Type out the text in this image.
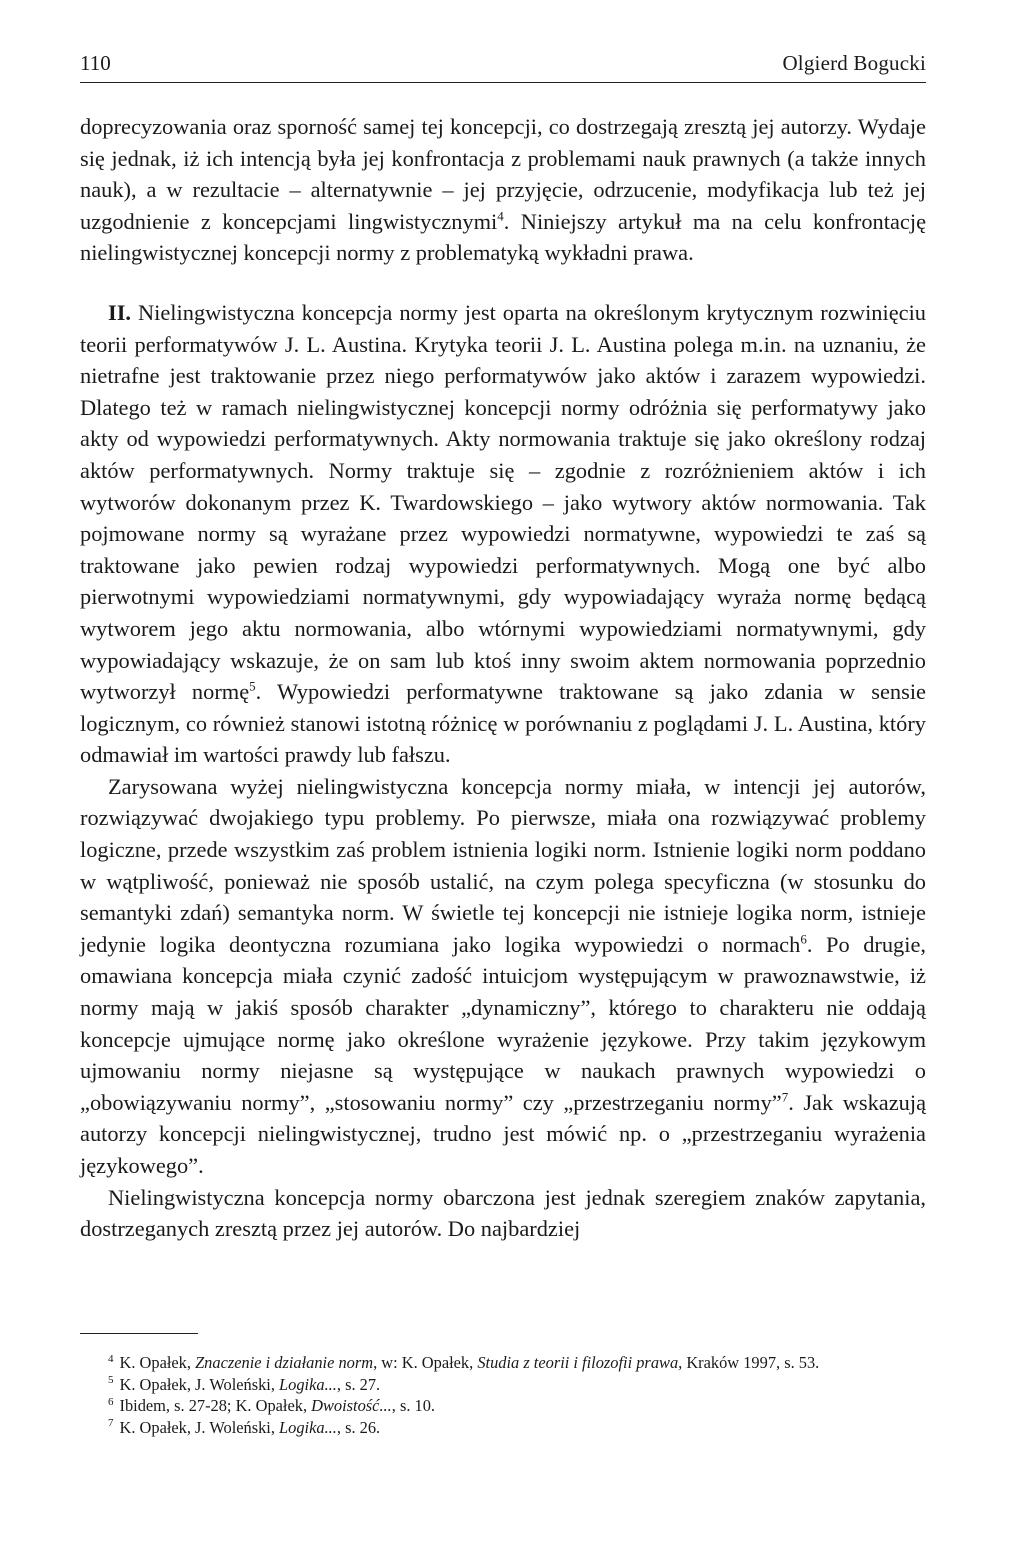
110	Olgierd Bogucki

doprecyzowania oraz sporność samej tej koncepcji, co dostrzegają zresztą jej autorzy. Wydaje się jednak, iż ich intencją była jej konfrontacja z problemami nauk prawnych (a także innych nauk), a w rezultacie – alternatywnie – jej przyjęcie, odrzucenie, modyfikacja lub też jej uzgodnienie z koncepcjami lingwistycznymi$^4$. Niniejszy artykuł ma na celu konfrontację nielingwistycznej koncepcji normy z problematyką wykładni prawa.

II. Nielingwistyczna koncepcja normy jest oparta na określonym krytycznym rozwinięciu teorii performatywów J. L. Austina. Krytyka teorii J. L. Austina polega m.in. na uznaniu, że nietrafne jest traktowanie przez niego performatywów jako aktów i zarazem wypowiedzi. Dlatego też w ramach nielingwistycznej koncepcji normy odróżnia się performatywy jako akty od wypowiedzi performatywnych. Akty normowania traktuje się jako określony rodzaj aktów performatywnych. Normy traktuje się – zgodnie z rozróżnieniem aktów i ich wytworów dokonanym przez K. Twardowskiego – jako wytwory aktów normowania. Tak pojmowane normy są wyrażane przez wypowiedzi normatywne, wypowiedzi te zaś są traktowane jako pewien rodzaj wypowiedzi performatywnych. Mogą one być albo pierwotnymi wypowiedziami normatywnymi, gdy wypowiadający wyraża normę będącą wytworem jego aktu normowania, albo wtórnymi wypowiedziami normatywnymi, gdy wypowiadający wskazuje, że on sam lub ktoś inny swoim aktem normowania poprzednio wytworzył normę$^5$. Wypowiedzi performatywne traktowane są jako zdania w sensie logicznym, co również stanowi istotną różnicę w porównaniu z poglądami J. L. Austina, który odmawiał im wartości prawdy lub fałszu.

Zarysowana wyżej nielingwistyczna koncepcja normy miała, w intencji jej autorów, rozwiązywać dwojakiego typu problemy. Po pierwsze, miała ona rozwiązywać problemy logiczne, przede wszystkim zaś problem istnienia logiki norm. Istnienie logiki norm poddano w wątpliwość, ponieważ nie sposób ustalić, na czym polega specyficzna (w stosunku do semantyki zdań) semantyka norm. W świetle tej koncepcji nie istnieje logika norm, istnieje jedynie logika deontyczna rozumiana jako logika wypowiedzi o normach$^6$. Po drugie, omawiana koncepcja miała czynić zadość intuicjom występującym w prawoznawstwie, iż normy mają w jakiś sposób charakter „dynamiczny”, którego to charakteru nie oddają koncepcje ujmujące normę jako określone wyrażenie językowe. Przy takim językowym ujmowaniu normy niejasne są występujące w naukach prawnych wypowiedzi o „obowiązywaniu normy”, „stosowaniu normy” czy „przestrzeganiu normy”$^7$. Jak wskazują autorzy koncepcji nielingwistycznej, trudno jest mówić np. o „przestrzeganiu wyrażenia językowego”.

Nielingwistyczna koncepcja normy obarczona jest jednak szeregiem znaków zapytania, dostrzeganych zresztą przez jej autorów. Do najbardziej

$^4$ K. Opałek, Znaczenie i działanie norm, w: K. Opałek, Studia z teorii i filozofii prawa, Kraków 1997, s. 53.

$^5$ K. Opałek, J. Woleński, Logika..., s. 27.

$^6$ Ibidem, s. 27-28; K. Opałek, Dwoistość..., s. 10.

$^7$ K. Opałek, J. Woleński, Logika..., s. 26.
